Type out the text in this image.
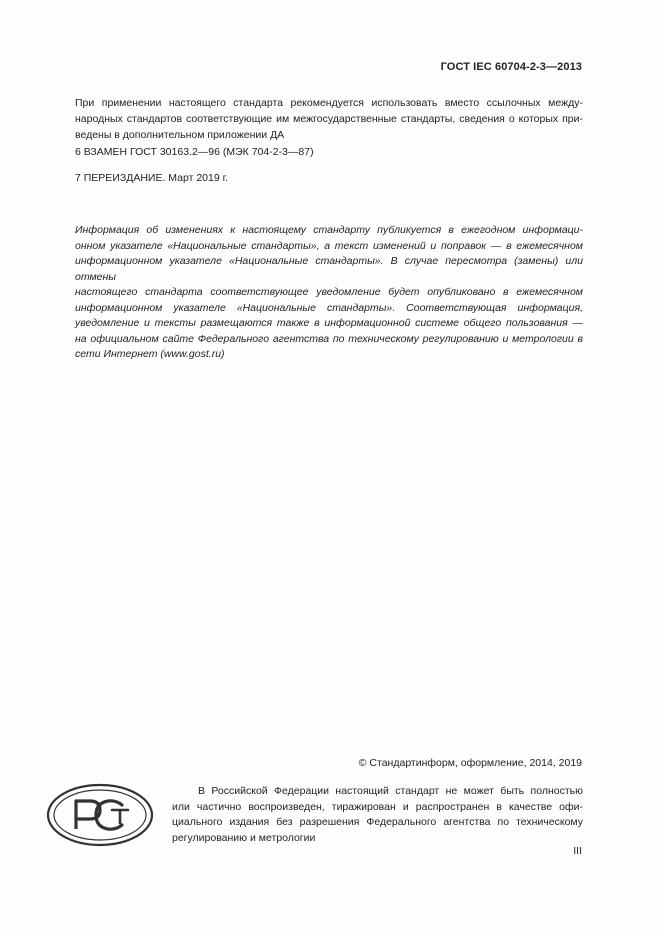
ГОСТ IEC 60704-2-3—2013
При применении настоящего стандарта рекомендуется использовать вместо ссылочных между-
народных стандартов соответствующие им межгосударственные стандарты, сведения о которых при-
ведены в дополнительном приложении ДА
6 ВЗАМЕН ГОСТ 30163.2—96 (МЭК 704-2-3—87)
7 ПЕРЕИЗДАНИЕ. Март 2019 г.
Информация об изменениях к настоящему стандарту публикуется в ежегодном информаци-
онном указателе «Национальные стандарты», а текст изменений и поправок — в ежемесячном
информационном указателе «Национальные стандарты». В случае пересмотра (замены) или отмены
настоящего стандарта соответствующее уведомление будет опубликовано в ежемесячном
информационном указателе «Национальные стандарты». Соответствующая информация,
уведомление и тексты размещаются также в информационной системе общего пользования —
на официальном сайте Федерального агентства по техническому регулированию и метрологии в
сети Интернет (www.gost.ru)
© Стандартинформ, оформление, 2014, 2019
В Российской Федерации настоящий стандарт не может быть полностью
или частично воспроизведен, тиражирован и распространен в качестве офи-
циального издания без разрешения Федерального агентства по техническому
регулированию и метрологии
III
